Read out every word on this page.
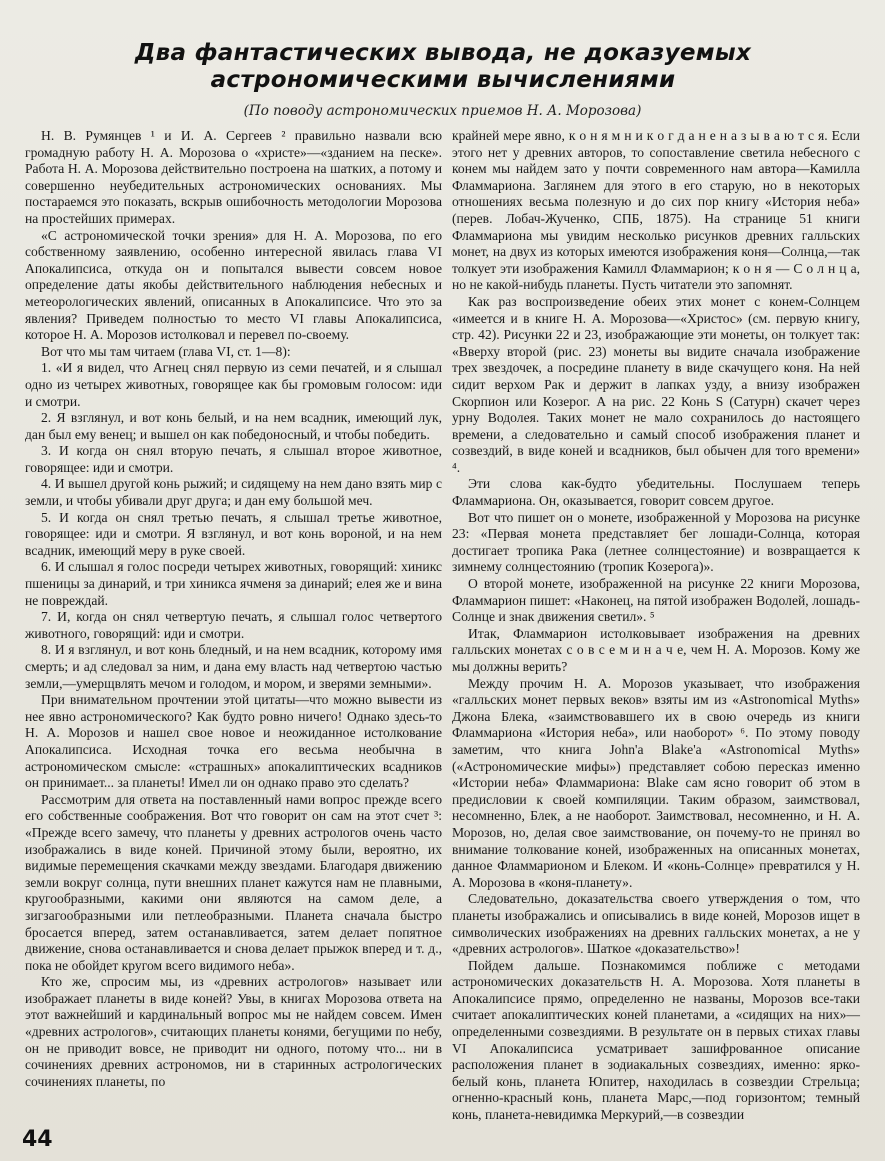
Два фантастических вывода, не доказуемых астрономическими вычислениями
(По поводу астрономических приемов Н. А. Морозова)

Н. В. Румянцев ¹ и И. А. Сергеев ² правильно назвали всю громадную работу Н. А. Морозова о «христе»—«зданием на песке». Работа Н. А. Морозова действительно построена на шатких, а потому и совершенно неубедительных астрономических основаниях. Мы постараемся это показать, вскрыв ошибочность методологии Морозова на простейших примерах.

«С астрономической точки зрения» для Н. А. Морозова, по его собственному заявлению, особенно интересной явилась глава VI Апокалипсиса, откуда он и попытался вывести совсем новое определение даты якобы действительного наблюдения небесных и метеорологических явлений, описанных в Апокалипсисе. Что это за явления? Приведем полностью то место VI главы Апокалипсиса, которое Н. А. Морозов истолковал и перевел по-своему.

Вот что мы там читаем (глава VI, ст. 1—8):

1. «И я видел, что Агнец снял первую из семи печатей, и я слышал одно из четырех животных, говорящее как бы громовым голосом: иди и смотри.

2. Я взглянул, и вот конь белый, и на нем всадник, имеющий лук, дан был ему венец; и вышел он как победоносный, и чтобы победить.

3. И когда он снял вторую печать, я слышал второе животное, говорящее: иди и смотри.

4. И вышел другой конь рыжий; и сидящему на нем дано взять мир с земли, и чтобы убивали друг друга; и дан ему большой меч.

5. И когда он снял третью печать, я слышал третье животное, говорящее: иди и смотри. Я взглянул, и вот конь вороной, и на нем всадник, имеющий меру в руке своей.

6. И слышал я голос посреди четырех животных, говорящий: хиникс пшеницы за динарий, и три хиникса ячменя за динарий; елея же и вина не повреждай.

7. И, когда он снял четвертую печать, я слышал голос четвертого животного, говорящий: иди и смотри.

8. И я взглянул, и вот конь бледный, и на нем всадник, которому имя смерть; и ад следовал за ним, и дана ему власть над четвертою частью земли,—умерщвлять мечом и голодом, и мором, и зверями земными».

При внимательном прочтении этой цитаты—что можно вывести из нее явно астрономического? Как будто ровно ничего! Однако здесь-то Н. А. Морозов и нашел свое новое и неожиданное истолкование Апокалипсиса. Исходная точка его весьма необычна в астрономическом смысле: «страшных» апокалиптических всадников он принимает... за планеты! Имел ли он однако право это сделать?

Рассмотрим для ответа на поставленный нами вопрос прежде всего его собственные соображения. Вот что говорит он сам на этот счет ³: «Прежде всего замечу, что планеты у древних астрологов очень часто изображались в виде коней. Причиной этому были, вероятно, их видимые перемещения скачками между звездами. Благодаря движению земли вокруг солнца, пути внешних планет кажутся нам не плавными, кругообразными, какими они являются на самом деле, а зигзагообразными или петлеобразными. Планета сначала быстро бросается вперед, затем останавливается, затем делает попятное движение, снова останавливается и снова делает прыжок вперед и т. д., пока не обойдет кругом всего видимого неба».

Кто же, спросим мы, из «древних астрологов» называет или изображает планеты в виде коней? Увы, в книгах Морозова ответа на этот важнейший и кардинальный вопрос мы не найдем совсем. Имен «древних астрологов», считающих планеты конями, бегущими по небу, он не приводит вовсе, не приводит ни одного, потому что... ни в сочинениях древних астрономов, ни в старинных астрологических сочинениях планеты, по

крайней мере явно, к о н я м н и к о г д а н е н а з ы в а ю т с я. Если этого нет у древних авторов, то сопоставление светила небесного с конем мы найдем зато у почти современного нам автора—Камилла Фламмариона. Заглянем для этого в его старую, но в некоторых отношениях весьма полезную и до сих пор книгу «История неба» (перев. Лобач-Жученко, СПБ, 1875). На странице 51 книги Фламмариона мы увидим несколько рисунков древних галльских монет, на двух из которых имеются изображения коня—Солнца,—так толкует эти изображения Камилл Фламмарион; к о н я — С о л н ц а, но не какой-нибудь планеты. Пусть читатели это запомнят.

Как раз воспроизведение обеих этих монет с конем-Солнцем «имеется и в книге Н. А. Морозова—«Христос» (см. первую книгу, стр. 42). Рисунки 22 и 23, изображающие эти монеты, он толкует так: «Вверху второй (рис. 23) монеты вы видите сначала изображение трех звездочек, а посредине планету в виде скачущего коня. На ней сидит верхом Рак и держит в лапках узду, а внизу изображен Скорпион или Козерог. А на рис. 22 Конь S (Сатурн) скачет через урну Водолея. Таких монет не мало сохранилось до настоящего времени, а следовательно и самый способ изображения планет и созвездий, в виде коней и всадников, был обычен для того времени» ⁴.

Эти слова как-будто убедительны. Послушаем теперь Фламмариона. Он, оказывается, говорит совсем другое.

Вот что пишет он о монете, изображенной у Морозова на рисунке 23: «Первая монета представляет бег лошади-Солнца, которая достигает тропика Рака (летнее солнцестояние) и возвращается к зимнему солнцестоянию (тропик Козерога)».

О второй монете, изображенной на рисунке 22 книги Морозова, Фламмарион пишет: «Наконец, на пятой изображен Водолей, лошадь-Солнце и знак движения светил». ⁵

Итак, Фламмарион истолковывает изображения на древних галльских монетах с о в с е м и н а ч е, чем Н. А. Морозов. Кому же мы должны верить?

Между прочим Н. А. Морозов указывает, что изображения «галльских монет первых веков» взяты им из «Astronomical Myths» Джона Блека, «заимствовавшего их в свою очередь из книги Фламмариона «История неба», или наоборот» ⁶. По этому поводу заметим, что книга John'a Blake'a «Astronomical Myths» («Астрономические мифы») представляет собою пересказ именно «Истории неба» Фламмариона: Blake сам ясно говорит об этом в предисловии к своей компиляции. Таким образом, заимствовал, несомненно, Блек, а не наоборот. Заимствовал, несомненно, и Н. А. Морозов, но, делая свое заимствование, он почему-то не принял во внимание толкование коней, изображенных на описанных монетах, данное Фламмарионом и Блеком. И «конь-Солнце» превратился у Н. А. Морозова в «коня-планету».

Следовательно, доказательства своего утверждения о том, что планеты изображались и описывались в виде коней, Морозов ищет в символических изображениях на древних галльских монетах, а не у «древних астрологов». Шаткое «доказательство»!

Пойдем дальше. Познакомимся поближе с методами астрономических доказательств Н. А. Морозова. Хотя планеты в Апокалипсисе прямо, определенно не названы, Морозов все-таки считает апокалиптических коней планетами, а «сидящих на них»—определенными созвездиями. В результате он в первых стихах главы VI Апокалипсиса усматривает зашифрованное описание расположения планет в зодиакальных созвездиях, именно: ярко-белый конь, планета Юпитер, находилась в созвездии Стрельца; огненно-красный конь, планета Марс,—под горизонтом; темный конь, планета-невидимка Меркурий,—в созвездии

44
